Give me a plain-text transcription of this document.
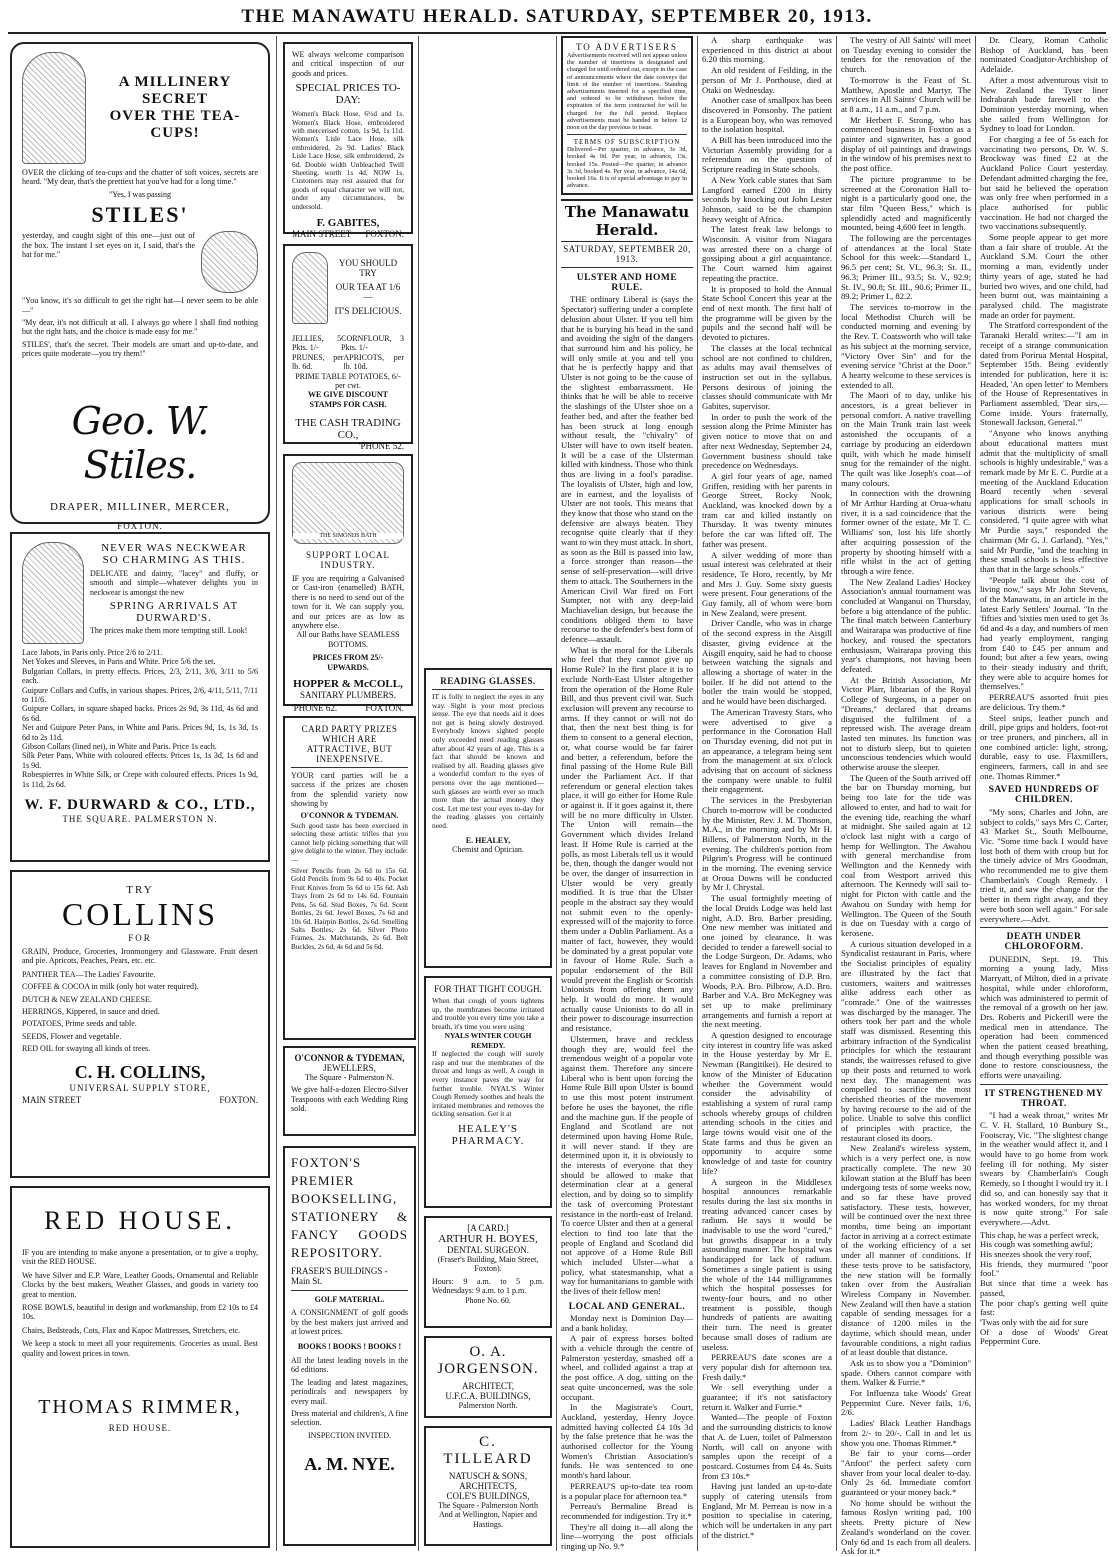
THE MANAWATU HERALD. SATURDAY, SEPTEMBER 20, 1913.
A MILLINERY SECRET
OVER THE TEA-CUPS!

OVER the clicking of tea-cups and the chatter of soft voices, secrets are heard. "My dear, that's the prettiest hat you've had for a long time."

"Yes, I was passing

STILES'

yesterday, and caught sight of this one—just out of the box. The instant I set eyes on it, I said, that's the hat for me."

"You know, it's so difficult to get the right hat—I never seem to be able—"

"My dear, it's not difficult at all. I always go where I shall find nothing but the right hats, and the choice is made easy for me."

STILES', that's the secret. Their models are smart and up-to-date, and prices quite moderate—you try them!"

Geo. W. Stiles.
DRAPER, MILLINER, MERCER,
FOXTON.
NEVER WAS NECKWEAR
SO CHARMING AS THIS.

DELICATE and dainty, "lacey" and fluffy, or smooth and simple—whatever delights you in neckwear is amongst the new

SPRING ARRIVALS AT
DURWARD'S.

The prices make them more tempting still. Look!

Lace Jabots, in Paris only. Price 2/6 to 2/11.

Net Yokes and Sleeves, in Paris and White. Price 5/6 the set.

Bulgarian Collars, in pretty effects. Prices, 2/3, 2/11, 3/6, 3/11 to 5/6 each.

Guipure Collars and Cuffs, in various shapes. Prices, 2/6, 4/11, 5/11, 7/11 to 11/6.

Guipure Collars, in square shaped backs. Prices 2s 9d, 3s 11d, 4s 6d and 6s 6d.

Net and Guipure Peter Pans, in White and Paris. Prices 9d, 1s, 1s 3d, 1s 6d to 2s 11d.

Gibson Collars (lined net), in White and Paris. Price 1s each.

Silk Peter Pans, White with coloured effects. Prices 1s, 1s 3d, 1s 6d and 1s 9d.

Robespierres in White Silk, or Crepe with coloured effects. Prices 1s 9d, 1s 11d, 2s 6d.

W. F. DURWARD & CO., LTD.,
THE SQUARE. PALMERSTON N.
TRY
COLLINS
FOR

GRAIN, Produce, Groceries, Ironmongery and Glassware. Fruit desert and pie. Apricots, Peaches, Pears, etc. etc.

PANTHER TEA—The Ladies' Favourite.

COFFEE & COCOA in milk (only hot water required).

DUTCH & NEW ZEALAND CHEESE.

HERRINGS, Kippered, in sauce and dried.

POTATOES, Prime seeds and table.

SEEDS, Flower and vegetable.

RED OIL for swaying all kinds of trees.

C. H. COLLINS,
UNIVERSAL SUPPLY STORE,
MAIN STREET	FOXTON.
RED HOUSE.

IF you are intending to make anyone a presentation, or to give a trophy, visit the RED HOUSE.

We have Silver and E.P. Ware, Leather Goods, Ornamental and Reliable Clocks by the best makers, Weather Glasses, and goods in variety too great to mention.

ROSE BOWLS, beautiful in design and workmanship, from £2 10s to £4 10s.

Chairs, Bedsteads, Cots, Flax and Kapoc Mattresses, Stretchers, etc.

We keep a stock to meet all your requirements. Groceries as usual. Best quality and lowest prices in town.

THOMAS RIMMER,
RED HOUSE.

WE always welcome comparison and critical inspection of our goods and prices.

SPECIAL PRICES TO-DAY:

Women's Black Hose, 6½d and 1s. Women's Black Hose, embroidered with mercerised cotton, 1s 9d, 1s 11d. Women's Lisle Lace Hose, silk embroidered, 2s 9d. Ladies' Black Lisle Lace Hose, silk embroidered, 2s 6d. Double width Unbleached Twill Sheeting, worth 1s 4d, NOW 1s. Customers may rest assured that for goods of equal character we will not, under any circumstances, be undersold.

F. GABITES,
MAIN STREET FOXTON.
YOU SHOULD TRY
OUR TEA AT 1/6—
IT'S DELICIOUS.
JELLIES, 5 Pkts. 1/-
CORNFLOUR, 3 Pkts. 1/-
PRUNES, per lb. 6d.
APRICOTS, per lb. 10d.
PRIME TABLE POTATOES, 6/- per cwt.
WE GIVE DISCOUNT STAMPS FOR CASH.
THE CASH TRADING CO.,
'PHONE 52.
THE SIMONDS BATH
SUPPORT LOCAL INDUSTRY.

IF you are requiring a Galvanised or Cast-iron (enamelled) BATH, there is no need to send out of the town for it. We can supply you, and our prices are as low as anywhere else.

All our Baths have SEAMLESS BOTTOMS.

PRICES FROM 25/- UPWARDS.
HOPPER & McCOLL,
SANITARY PLUMBERS.
'PHONE 62.	FOXTON.
CARD PARTY PRIZES WHICH ARE ATTRACTIVE, BUT INEXPENSIVE.

YOUR card parties will be a success if the prizes are chosen from the splendid variety now showing by

O'CONNOR & TYDEMAN.

Such good taste has been exercised in selecting these artistic trifles that you cannot help picking something that will give delight to the winner. They include:—

Silver Pencils from 2s 6d to 15s 6d. Gold Pencils from 9s 6d to 40s. Pocket Fruit Knives from 5s 6d to 15s 6d. Ash Trays from 2s 6d to 14s 6d. Fountain Pens, 5s 6d. Stud Boxes, 7s 6d. Scent Bottles, 2s 6d. Jewel Boxes, 7s 6d and 10s 6d. Hairpin Bottles, 2s 6d. Smelling Salts Bottles, 2s 6d. Silver Photo Frames, 2s. Matchstands, 2s 6d. Belt Buckles, 2s 6d, 4s 6d and 5s 6d.

O'CONNOR & TYDEMAN,
JEWELLERS,
The Square - Palmerston N.

We give half-a-dozen Electro-Silver Teaspoons with each Wedding Ring sold.

FOXTON'S PREMIER BOOKSELLING, STATIONERY & FANCY GOODS REPOSITORY.
FRASER'S BUILDINGS - Main St.
GOLF MATERIAL.

A CONSIGNMENT of golf goods by the best makers just arrived and at lowest prices.

BOOKS ! BOOKS ! BOOKS !

All the latest leading novels in the 6d editions.

The leading and latest magazines, periodicals and newspapers by every mail.

Dress material and children's, A fine selection.

INSPECTION INVITED.
A. M. NYE.
READING GLASSES.

IT is folly to neglect the eyes in any way. Sight is your most precious sense. The eye that needs aid it does not get is being slowly destroyed. Everybody knows sighted people only exceeded need reading glasses after about 42 years of age. This is a fact that should be known and realised by all. Reading glasses give a wonderful comfort to the eyes of persons over the age mentioned—such glasses are worth ever so much more than the actual money they cost. Let me test your eyes to-day for the reading glasses you certainly need.

E. HEALEY,
Chemist and Optician.
FOR THAT TIGHT COUGH.

When that cough of yours tightens up, the membranes become irritated and trouble you every time you take a breath, it's time you were using

NYALS WINTER COUGH REMEDY.

If neglected the cough will surely rasp and tear the membranes of the throat and lungs as well. A cough in every instance paves the way for further trouble. NYAL'S Winter Cough Remedy soothes and heals the irritated membranes and removes the tickling sensation. Get it at

HEALEY'S
PHARMACY.
[A CARD.]
ARTHUR H. BOYES,
DENTAL SURGEON.
(Fraser's Building, Main Street, Foxton).
Hours: 9 a.m. to 5 p.m. Wednesdays: 9 a.m. to 1 p.m.
Phone No. 60.
O. A. JORGENSON.
ARCHITECT,
U.F.C.A. BUILDINGS,
Palmerston North.
C. TILLEARD
NATUSCH & SONS,
ARCHITECTS,
COLE'S BUILDINGS,
The Square - Palmerston North
And at Wellington, Napier and Hastings.
TO ADVERTISERS

Advertisements received will not appear unless the number of insertions is designated and charged for until ordered out, except in the case of announcements where the date conveys the limit of the number of insertions. Standing advertisements inserted for a specified time, and ordered to be withdrawn before the expiration of the term contracted for will be charged for the full period. Replace advertisements must be handed in before 12 noon on the day previous to issue.

TERMS OF SUBSCRIPTION

Delivered—Per quarter, in advance, 3s 3d, booked 4s 0d. Per year, in advance, 13s, booked 15s. Posted—Per quarter, in advance 3s 3d, booked 4s. Per year, in advance, 14s 6d, booked 16s. It is of special advantage to pay in advance.

The Manawatu Herald.
SATURDAY, SEPTEMBER 20, 1913.
ULSTER AND HOME RULE.

THE ordinary Liberal is (says the Spectator) suffering under a complete delusion about Ulster. If you tell him that he is burying his head in the sand and avoiding the sight of the dangers that surround him and his policy, he will only smile at you and tell you that he is perfectly happy and that Ulster is not going to be the cause of the slightest embarrassment. He thinks that he will be able to receive the slashings of the Ulster shoe on a feather bed, and after the feather bed has been struck at long enough without result, the "chivalry" of Ulster will have to own itself beaten. It will be a case of the Ulsterman killed with kindness. Those who think thus are living in a fool's paradise. The loyalists of Ulster, high and low, are in earnest, and the loyalists of Ulster are not tools. This means that they know that those who stand on the defensive are always beaten. They recognise quite clearly that if they want to win they must attack. In short, as soon as the Bill is passed into law, a force stronger than reason—the sense of self-preservation—will drive them to attack. The Southerners in the American Civil War fired on Fort Sumpter, not with any deep-laid Machiavelian design, but because the conditions obliged them to have recourse to the defender's best form of defence—assault.

What is the moral for the Liberals who feel that they cannot give up Home Rule? In the first place it is to exclude North-East Ulster altogether from the operation of the Home Rule Bill, and thus prevent civil war. Such exclusion will prevent any recourse to arms. If they cannot or will not do that, then the next best thing is for them to consent to a general election, or, what course would be far fairer and better, a referendum, before the final passing of the Home Rule Bill under the Parliament Act. If that referendum or general election takes place, it will go either for Home Rule or against it. If it goes against it, there will be no more difficulty in Ulster. The Union will remain—the Government which divides Ireland least. If Home Rule is carried at the polls, as most Liberals tell us it would be, then, though the danger would not be over, the danger of insurrection in Ulster would be very greatly modified. It is true that the Ulster people in the abstract say they would not submit even to the openly-expressed will of the majority to force them under a Dublin Parliament. As a matter of fact, however, they would be dominated by a great popular vote in favour of Home Rule. Such a popular endorsement of the Bill would prevent the English or Scottish Unionists from offering them any help. It would do more. It would actually cause Unionists to do all in their power to discourage insurrection and resistance.

Ulstermen, brave and reckless though they are, would feel the tremendous weight of a popular vote against them. Therefore any sincere Liberal who is bent upon forcing the Home Rule Bill upon Ulster is bound to use this most potent instrument before he uses the bayonet, the rifle and the machine gun. If the people of England and Scotland are not determined upon having Home Rule, it will never stand. If they are determined upon it, it is obviously to the interests of everyone that they should be allowed to make that determination clear at a general election, and by doing so to simplify the task of overcoming Protestant resistance in the north-east of Ireland. To coerce Ulster and then at a general election to find too late that the people of England and Scotland did not approve of a Home Rule Bill which included Ulster—what a policy, what statesmanship, what a way for humanitarians to gamble with the lives of their fellow men!

LOCAL AND GENERAL.

Monday next is Dominion Day—and a bank holiday.

A pair of express horses bolted with a vehicle through the centre of Palmerston yesterday, smashed off a wheel, and collided against a trap at the post office. A dog, sitting on the seat quite unconcerned, was the sole occupant.

In the Magistrate's Court, Auckland, yesterday, Henry Joyce admitted having collected £4 10s 3d by the false pretence that he was the authorised collector for the Young Women's Christian Association's funds. He was sentenced to one month's hard labour.

PERREAU'S up-to-date tea room is a popular place for afternoon tea.*

Perreau's Bermaline Bread is recommended for indigestion. Try it.*

They're all doing it—all along the line—worrying the post officials ringing up No. 9.*

A sharp earthquake was experienced in this district at about 6.20 this morning.

An old resident of Feilding, in the person of Mr J. Porthouse, died at Otaki on Wednesday.

Another case of smallpox has been discovered in Ponsonby. The patient is a European boy, who was removed to the isolation hospital.

A Bill has been introduced into the Victorian Assembly providing for a referendum on the question of Scripture reading in State schools.

A New York cable states that Sam Langford earned £200 in thirty seconds by knocking out John Lester Johnson, said to be the champion heavy weight of Africa.

The latest freak law belongs to Wisconsin. A visitor from Niagara was arrested there on a charge of gossiping about a girl acquaintance. The Court warned him against repeating the practice.

It is proposed to hold the Annual State School Concert this year at the end of next month. The first half of the programme will be given by the pupils and the second half will be devoted to pictures.

The classes at the local technical school are not confined to children, as adults may avail themselves of instruction set out in the syllabus. Persons desirous of joining the classes should communicate with Mr Gabites, supervisor.

In order to push the work of the session along the Prime Minister has given notice to move that on and after next Wednesday, September 24, Government business should take precedence on Wednesdays.

A girl four years of age, named Griffen, residing with her parents in George Street, Rocky Nook, Auckland, was knocked down by a tram car and killed instantly on Thursday. It was twenty minutes before the car was lifted off. The father was present.

A silver wedding of more than usual interest was celebrated at their residence, Te Horo, recently, by Mr and Mrs J. Guy. Some sixty guests were present. Four generations of the Guy family, all of whom were born in New Zealand, were present.

Driver Candle, who was in charge of the second express in the Aisgill disaster, giving evidence at the Aisgill enquiry, said he had to choose between watching the signals and allowing a shortage of water in the boiler. If he did not attend to the boiler the train would be stopped, and he would have been discharged.

The American Travesty Stars, who were advertised to give a performance in the Coronation Hall on Thursday evening, did not put in an appearance, a telegram being sent from the management at six o'clock advising that on account of sickness the company were unable to fulfil their engagement.

The services in the Presbyterian Church to-morrow will be conducted by the Minister, Rev. J. M. Thomson, M.A., in the morning and by Mr H. Billens, of Palmerston North, in the evening. The children's portion from Pilgrim's Progress will be continued in the morning. The evening service at Oroua Downs will be conducted by Mr J. Chrystal.

The usual fortnightly meeting of the local Druids Lodge was held last night, A.D. Bro. Barber presiding. One new member was initiated and one joined by clearance. It was decided to tender a farewell social to the Lodge Surgeon, Dr. Adams, who leaves for England in November and a committee consisting of D.P. Bro. Woods, P.A. Bro. Pilbrow, A.D. Bro. Barber and V.A. Bro McKegney was set up to make preliminary arrangements and furnish a report at the next meeting.

A question designed to encourage city interest in country life was asked in the House yesterday by Mr E. Newman (Rangitikei). He desired to know of the Minister of Education whether the Government would consider the advisability of establishing a system of rural camp schools whereby groups of children attending schools in the cities and large towns would visit one of the State farms and thus be given an opportunity to acquire some knowledge of and taste for country life?

A surgeon in the Middlesex hospital announces remarkable results during the last six months in treating advanced cancer cases by radium. He says it would be inadvisable to use the word "cured," but growths disappear in a truly astounding manner. The hospital was handicapped for lack of radium. Sometimes a single patient is using the whole of the 144 milligrammes which the hospital possesses for twenty-four hours, and no other treatment is possible, though hundreds of patients are awaiting their turn. The need is greater because small doses of radium are useless.

PERREAU'S date scones are a very popular dish for afternoon tea. Fresh daily.*

We sell everything under a guarantee; if it's not satisfactory return it. Walker and Furrie.*

Wanted—The people of Foxton and the surrounding districts to know that A. de Luen, toilet of Palmerston North, will call on anyone with samples upon the receipt of a postcard. Costumes from £4 4s. Suits from £3 10s.*

Having just landed an up-to-date supply of catering utensils from England, Mr M. Perreau is now in a position to specialise in catering, which will be undertaken in any part of the district.*

The vestry of All Saints' will meet on Tuesday evening to consider the tenders for the renovation of the church.

To-morrow is the Feast of St. Matthew, Apostle and Martyr. The services in All Saints' Church will be at 8 a.m., 11 a.m., and 7 p.m.

Mr Herbert F. Strong, who has commenced business in Foxton as a painter and signwriter, has a good display of oil paintings and drawings in the window of his premises next to the post office.

The picture programme to be screened at the Coronation Hall to-night is a particularly good one, the star film "Queen Bess," which is splendidly acted and magnificently mounted, being 4,600 feet in length.

The following are the percentages of attendances at the local State School for this week:—Standard I., 96.5 per cent; St. VI., 96.3; St. II., 96.3; Primer III., 93.5; St. V., 92.9; St. IV., 90.8; St. III., 90.6; Primer II., 89.2; Primer I., 82.2.

The services to-morrow in the local Methodist Church will be conducted morning and evening by the Rev. T. Coatsworth who will take as his subject at the morning service, "Victory Over Sin" and for the evening service "Christ at the Door." A hearty welcome to these services is extended to all.

The Maori of to day, unlike his ancestors, is a great believer in personal comfort. A native travelling on the Main Trunk train last week astonished the occupants of a carriage by producing an eiderdown quilt, with which he made himself snug for the remainder of the night. The quilt was like Joseph's coat—of many colours.

In connection with the drowning of Mr Arthur Harding at Orua-whatu river, it is a sad coincidence that the former owner of the estate, Mr T. C. Williams' son, lost his life shortly after acquiring possession of the property by shooting himself with a rifle whilst in the act of getting through a wire fence.

The New Zealand Ladies' Hockey Association's annual tournament was concluded at Wanganui on Thursday, before a big attendance of the public. The final match between Canterbury and Wairarapa was productive of fine hockey, and roused the spectators enthusiasm, Wairarapa proving this year's champions, not having been defeated.

At the British Association, Mr Victor Plarr, librarian of the Royal College of Surgeons, in a paper on "Dreams," declared that dreams disguised the fulfilment of a repressed wish. The average dream lasted ten minutes. Its function was not to disturb sleep, but to quieten unconscious tendencies which would otherwise arouse the sleeper.

The Queen of the South arrived off the bar on Thursday morning, but being too late for the tide was allowed to enter, and had to wait for the evening tide, reaching the wharf at midnight. She sailed again at 12 o'clock last night with a cargo of hemp for Wellington. The Awahou with general merchandise from Wellington and the Kennedy with coal from Westport arrived this afternoon. The Kennedy will sail to-night for Picton with cattle and the Awahou on Sunday with hemp for Wellington. The Queen of the South is due on Tuesday with a cargo of kerosene.

A curious situation developed in a Syndicalist restaurant in Paris, where the Socialist principles of equality are illustrated by the fact that customers, waiters and waitresses alike address each other as "comrade." One of the waitresses was discharged by the manager. The others took her part and the whole staff was dismissed. Resenting this arbitrary infraction of the Syndicalist principles for which the restaurant stands, the waitresses refused to give up their posts and returned to work next day. The management was compelled to sacrifice the most cherished theories of the movement by having recourse to the aid of the police. Unable to solve this conflict of principles with practice, the restaurant closed its doors.

New Zealand's wireless system, which is a very perfect one, is now practically complete. The new 30 kilowatt station at the Bluff has been undergoing tests of some weeks now, and so far these have proved satisfactory. These tests, however, will be continued over the next three months, time being an important factor in arriving at a correct estimate of the working efficiency of a set under all manner of conditions. If these tests prove to be satisfactory, the new station will be formally taken over from the Australian Wireless Company in November. New Zealand will then have a station capable of sending messages for a distance of 1200 miles in the daytime, which should mean, under favourable conditions, a night radius of at least double that distance.

Ask us to show you a "Dominion" spade. Others cannot compare with them. Walker & Furrie.*

For Influenza take Woods' Great Peppermint Cure. Never fails, 1/6, 2/6.

Ladies' Black Leather Handbags from 2/- to 20/-. Call in and let us show you one. Thomas Rimmer.*

Be fair to your corns—order "Anfoot" the perfect safety corn shaver from your local dealer to-day. Only 2s 6d. Immediate comfort guaranteed or your money back.*

No home should be without the famous Roslyn writing pad, 100 sheets. Pretty picture of New Zealand's wonderland on the cover. Only 6d and 1s each from all dealers. Ask for it.*

Dr. Cleary, Roman Catholic Bishop of Auckland, has been nominated Coadjutor-Archbishop of Adelaide.

After a most adventurous visit to New Zealand the Tyser liner Indrabarah bade farewell to the Dominion yesterday morning, when she sailed from Wellington for Sydney to load for London.

For charging a fee of 5s each for vaccinating two persons, Dr. W. S. Brockway was fined £2 at the Auckland Police Court yesterday. Defendant admitted charging the fee, but said he believed the operation was only free when performed in a place authorised for public vaccination. He had not charged the two vaccinations subsequently.

Some people appear to get more than a fair share of trouble. At the Auckland S.M. Court the other morning a man, evidently under thirty years of age, stated he had buried two wives, and one child, had been burnt out, was maintaining a paralysed child. The magistrate made an order for payment.

The Stratford correspondent of the Taranaki Herald writes:—"I am in receipt of a strange communication dated from Porirua Mental Hospital, September 15th. Being evidently intended for publication, here it is: Headed, 'An open letter' to Members of the House of Representatives in Parliament assembled, 'Dear sirs,—Come inside. Yours fraternally, Stonewall Jackson, General.'"

"Anyone who knows anything about educational matters must admit that the multiplicity of small schools is highly undesirable," was a remark made by Mr E. C. Purdie at a meeting of the Auckland Education Board recently when several applications for small schools in various districts were being considered. "I quite agree with what Mr Purdie says," responded the chairman (Mr G. J. Garland). "Yes," said Mr Purdie, "and the teaching in these small schools is less effective than that in the large schools."

"People talk about the cost of living now," says Mr John Stevens, of the Manawatu, in an article in the latest Early Settlers' Journal. "In the 'fifties and 'sixties men used to get 3s 6d and 4s a day, and numbers of men had yearly employment, ranging from £40 to £45 per annum and found; but after a few years, owing to their steady industry and thrift, they were able to acquire homes for themselves."

PERREAU'S assorted fruit pies are delicious. Try them.*

Steel snips, leather punch and drill, pipe grips and holders, foot-rot or tree pruners, and pinchers, all in one combined article: light, strong, durable, easy to use. Flaxmillers, engineers, farmers, call in and see one. Thomas Rimmer.*

SAVED HUNDREDS OF CHILDREN.

"My sons, Charles and John, are subject to colds," says Mrs C. Carter, 43 Market St., South Melbourne, Vic. "Some time back I would have lost both of them with croup but for the timely advice of Mrs Goodman, who recommended me to give them Chamberlain's Cough Remedy. I tried it, and saw the change for the better in them right away, and they were both soon well again." For sale everywhere.—Advt.

DEATH UNDER CHLOROFORM.

DUNEDIN, Sept. 19. This morning a young lady, Miss Marryatt, of Milton, died in a private hospital, while under chloroform, which was administered to permit of the removal of a growth on her jaw. Drs. Roberts and Pickerill were the medical men in attendance. The operation had been commenced when the patient ceased breathing, and though everything possible was done to restore consciousness, the efforts were unavailing.

IT STRENGTHENED MY THROAT.

"I had a weak throat," writes Mr C. V. H. Stallard, 10 Bunbury St., Footscray, Vic. "The slightest change in the weather would affect it, and I would have to go home from work feeling ill for nothing. My sister swears by Chamberlain's Cough Remedy, so I thought I would try it. I did so, and can honestly say that it has worked wonders, for my throat is now quite strong." For sale everywhere.—Advt.

This chap, he was a perfect wreck,
His cough was something awful;
His sneezes shook the very roof,
His friends, they murmured "poor fool."
But since that time a week has passed,
The poor chap's getting well quite fast:
'Twas only with the aid for sure
Of a dose of Woods' Great Peppermint Cure.
